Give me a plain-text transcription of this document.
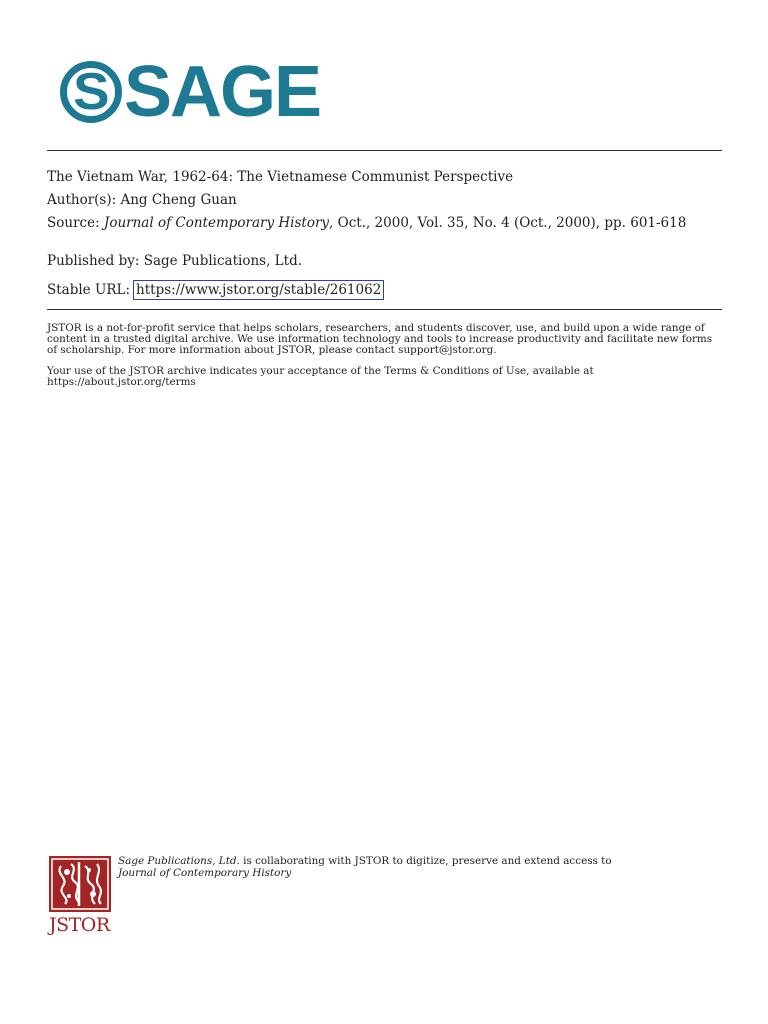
S SAGE
The Vietnam War, 1962-64: The Vietnamese Communist Perspective
Author(s): Ang Cheng Guan
Source: Journal of Contemporary History, Oct., 2000, Vol. 35, No. 4 (Oct., 2000), pp. 601-618
Published by: Sage Publications, Ltd.
Stable URL: https://www.jstor.org/stable/261062
JSTOR is a not-for-profit service that helps scholars, researchers, and students discover, use, and build upon a wide range of content in a trusted digital archive. We use information technology and tools to increase productivity and facilitate new forms of scholarship. For more information about JSTOR, please contact support@jstor.org.
Your use of the JSTOR archive indicates your acceptance of the Terms & Conditions of Use, available at https://about.jstor.org/terms
JSTOR
Sage Publications, Ltd. is collaborating with JSTOR to digitize, preserve and extend access to
Journal of Contemporary History
